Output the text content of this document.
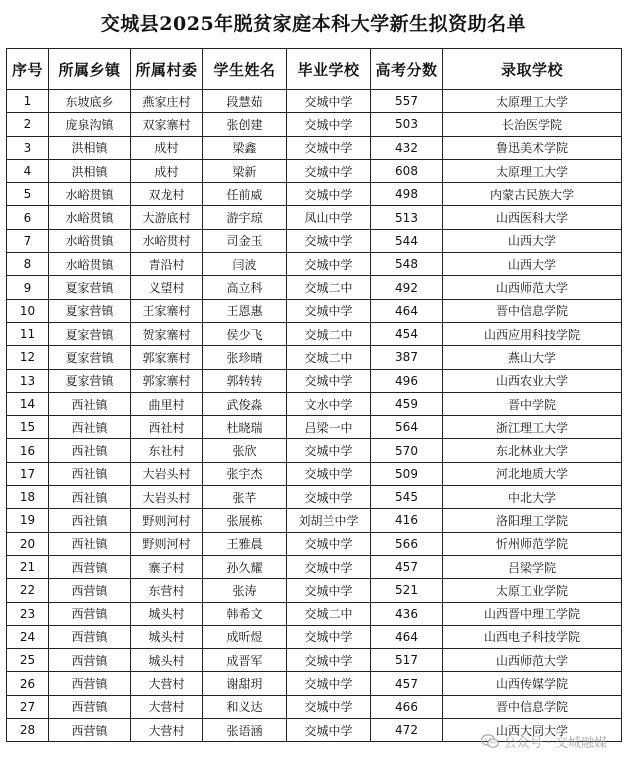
交城县2025年脱贫家庭本科大学新生拟资助名单
序号	所属乡镇	所属村委	学生姓名	毕业学校	高考分数	录取学校
1	东坡底乡	燕家庄村	段慧茹	交城中学	557	太原理工大学
2	庞泉沟镇	双家寨村	张创建	交城中学	503	长治医学院
3	洪相镇	成村	梁鑫	交城中学	432	鲁迅美术学院
4	洪相镇	成村	梁新	交城中学	608	太原理工大学
5	水峪贯镇	双龙村	任前威	交城中学	498	内蒙古民族大学
6	水峪贯镇	大游底村	游宇琼	凤山中学	513	山西医科大学
7	水峪贯镇	水峪贯村	司金玉	交城中学	544	山西大学
8	水峪贯镇	青沿村	闫波	交城中学	548	山西大学
9	夏家营镇	义望村	高立科	交城二中	492	山西师范大学
10	夏家营镇	王家寨村	王恩惠	交城中学	464	晋中信息学院
11	夏家营镇	贺家寨村	侯少飞	交城二中	454	山西应用科技学院
12	夏家营镇	郭家寨村	张珍晴	交城二中	387	燕山大学
13	夏家营镇	郭家寨村	郭转转	交城中学	496	山西农业大学
14	西社镇	曲里村	武俊淼	文水中学	459	晋中学院
15	西社镇	西社村	杜晓瑞	吕梁一中	564	浙江理工大学
16	西社镇	东社村	张欣	交城中学	570	东北林业大学
17	西社镇	大岩头村	张宇杰	交城中学	509	河北地质大学
18	西社镇	大岩头村	张芊	交城中学	545	中北大学
19	西社镇	野则河村	张展栋	刘胡兰中学	416	洛阳理工学院
20	西社镇	野则河村	王雅晨	交城中学	566	忻州师范学院
21	西营镇	寨子村	孙久耀	交城中学	457	吕梁学院
22	西营镇	东营村	张涛	交城中学	521	太原工业学院
23	西营镇	城头村	韩希文	交城二中	436	山西晋中理工学院
24	西营镇	城头村	成昕煜	交城中学	464	山西电子科技学院
25	西营镇	城头村	成晋军	交城中学	517	山西师范大学
26	西营镇	大营村	谢甜玥	交城中学	457	山西传媒学院
27	西营镇	大营村	和义达	交城中学	466	晋中信息学院
28	西营镇	大营村	张语涵	交城中学	472	山西大同大学
公众号 · 交城融媒
